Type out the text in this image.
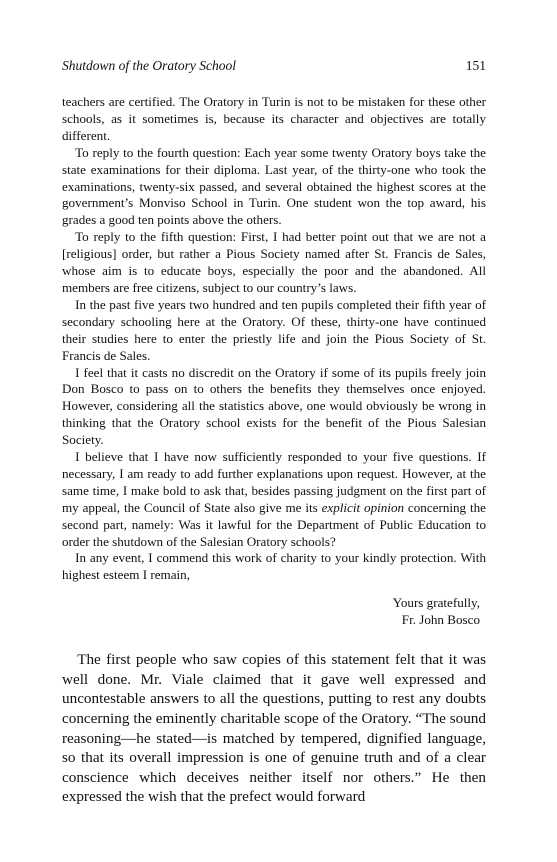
Shutdown of the Oratory School	151

teachers are certified. The Oratory in Turin is not to be mistaken for these other schools, as it sometimes is, because its character and objectives are totally different.

To reply to the fourth question: Each year some twenty Oratory boys take the state examinations for their diploma. Last year, of the thirty-one who took the examinations, twenty-six passed, and several obtained the highest scores at the government’s Monviso School in Turin. One student won the top award, his grades a good ten points above the others.

To reply to the fifth question: First, I had better point out that we are not a [religious] order, but rather a Pious Society named after St. Francis de Sales, whose aim is to educate boys, especially the poor and the abandoned. All members are free citizens, subject to our country’s laws.

In the past five years two hundred and ten pupils completed their fifth year of secondary schooling here at the Oratory. Of these, thirty-one have continued their studies here to enter the priestly life and join the Pious Society of St. Francis de Sales.

I feel that it casts no discredit on the Oratory if some of its pupils freely join Don Bosco to pass on to others the benefits they themselves once enjoyed. However, considering all the statistics above, one would obviously be wrong in thinking that the Oratory school exists for the benefit of the Pious Salesian Society.

I believe that I have now sufficiently responded to your five questions. If necessary, I am ready to add further explanations upon request. However, at the same time, I make bold to ask that, besides passing judgment on the first part of my appeal, the Council of State also give me its explicit opinion concerning the second part, namely: Was it lawful for the Department of Public Education to order the shutdown of the Salesian Oratory schools?

In any event, I commend this work of charity to your kindly protection. With highest esteem I remain,

Yours gratefully,
Fr. John Bosco

The first people who saw copies of this statement felt that it was well done. Mr. Viale claimed that it gave well expressed and uncontestable answers to all the questions, putting to rest any doubts concerning the eminently charitable scope of the Oratory. “The sound reasoning—he stated—is matched by tempered, dignified language, so that its overall impression is one of genuine truth and of a clear conscience which deceives neither itself nor others.” He then expressed the wish that the prefect would forward
